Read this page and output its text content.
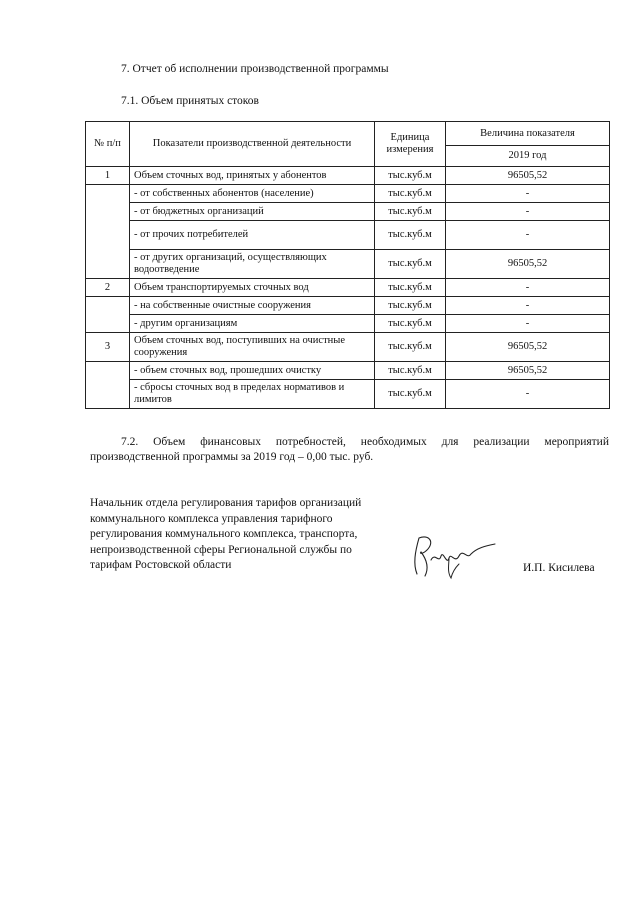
7. Отчет об исполнении производственной программы
7.1. Объем принятых стоков
№ п/п	Показатели производственной деятельности	Единица измерения	Величина показателя
			2019 год
1	Объем сточных вод, принятых у абонентов	тыс.куб.м	96505,52
	- от собственных абонентов (население)	тыс.куб.м	-
	- от бюджетных организаций	тыс.куб.м	-
	- от прочих потребителей	тыс.куб.м	-
	- от других организаций, осуществляющих водоотведение	тыс.куб.м	96505,52
2	Объем транспортируемых сточных вод	тыс.куб.м	-
	- на собственные очистные сооружения	тыс.куб.м	-
	- другим организациям	тыс.куб.м	-
3	Объем сточных вод, поступивших на очистные сооружения	тыс.куб.м	96505,52
	- объем сточных вод, прошедших очистку	тыс.куб.м	96505,52
	- сбросы сточных вод в пределах нормативов и лимитов	тыс.куб.м	-
7.2. Объем финансовых потребностей, необходимых для реализации мероприятий производственной программы за 2019 год – 0,00 тыс. руб.
Начальник отдела регулирования тарифов организаций
коммунального комплекса управления тарифного
регулирования коммунального комплекса, транспорта,
непроизводственной сферы Региональной службы по
тарифам Ростовской области	И.П. Кисилева
